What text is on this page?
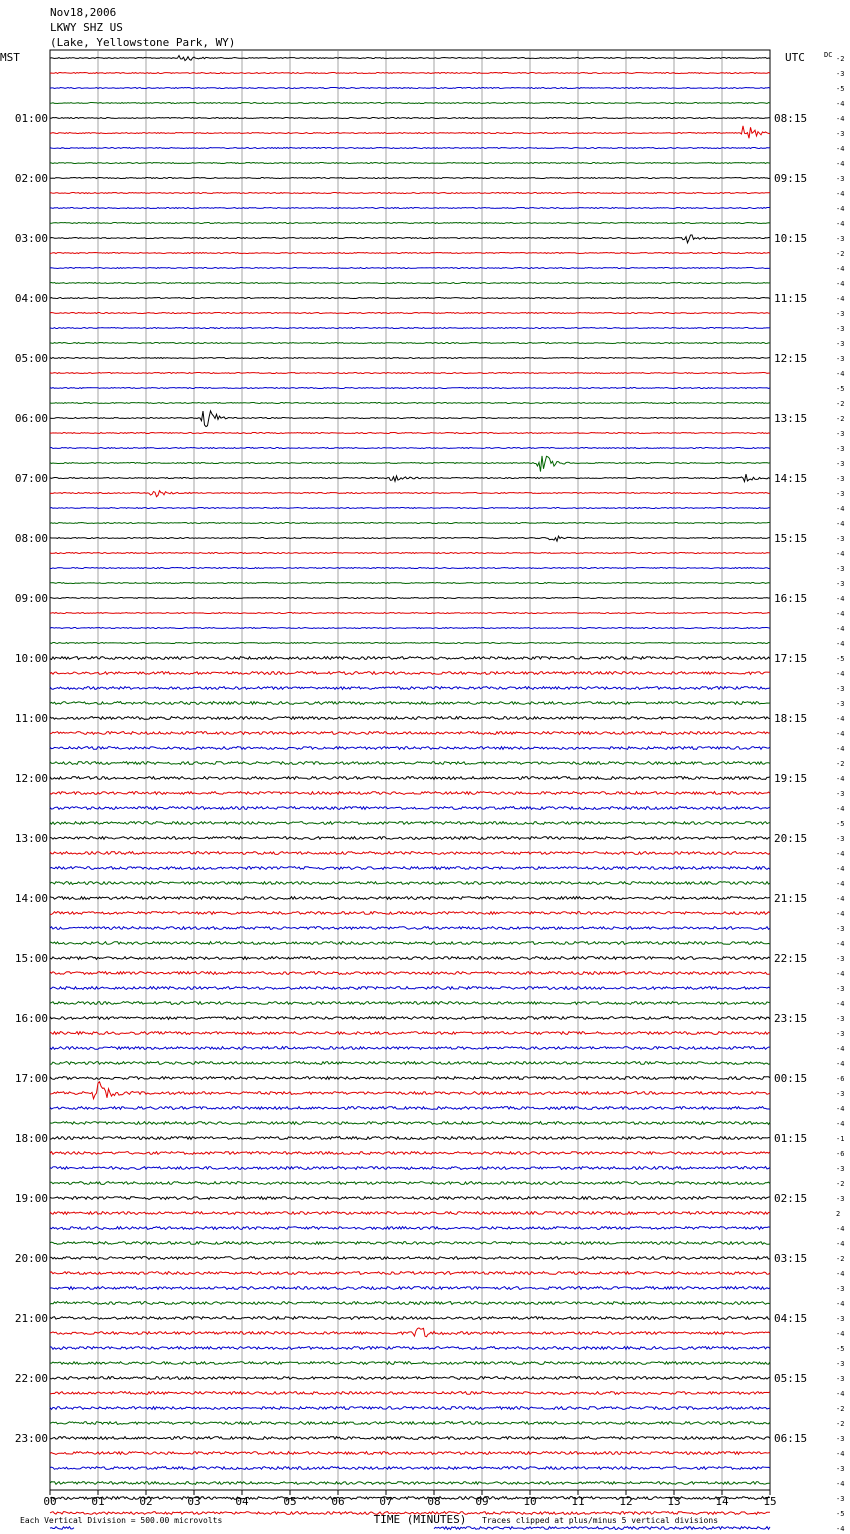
Nov18,2006
LKWY SHZ US
(Lake, Yellowstone Park, WY)
MST	UTC	DC
01:00
02:00
03:00
04:00
05:00
06:00
07:00
08:00
09:00
10:00
11:00
12:00
13:00
14:00
15:00
16:00
17:00
18:00
19:00
20:00
21:00
22:00
23:00
08:15
09:15
10:15
11:15
12:15
13:15
14:15
15:15
16:15
17:15
18:15
19:15
20:15
21:15
22:15
23:15
00:15
01:15
02:15
03:15
04:15
05:15
06:15
-2
-3
-5
-4
-4
-3
-4
-4
-3
-4
-4
-4
-3
-2
-4
-4
-4
-3
-3
-3
-3
-4
-5
-2
-2
-3
-3
-3
-3
-3
-4
-4
-3
-4
-3
-3
-4
-4
-4
-4
-5
-4
-3
-3
-4
-4
-4
-2
-4
-3
-4
-5
-3
-4
-4
-4
-4
-4
-3
-4
-3
-4
-3
-4
-3
-3
-4
-4
-6
-3
-4
-4
-1
-6
-3
-2
-3
2
-4
-4
-2
-4
-3
-4
-3
-4
-5
-3
-3
-4
-2
-2
-3
-4
-3
-4
-3
-5
-4
00	01	02	03	04	05	06	07	08	09	10	11	12	13	14	15
TIME (MINUTES)
Each Vertical Division = 500.00 microvolts	Traces clipped at plus/minus 5 vertical divisions
